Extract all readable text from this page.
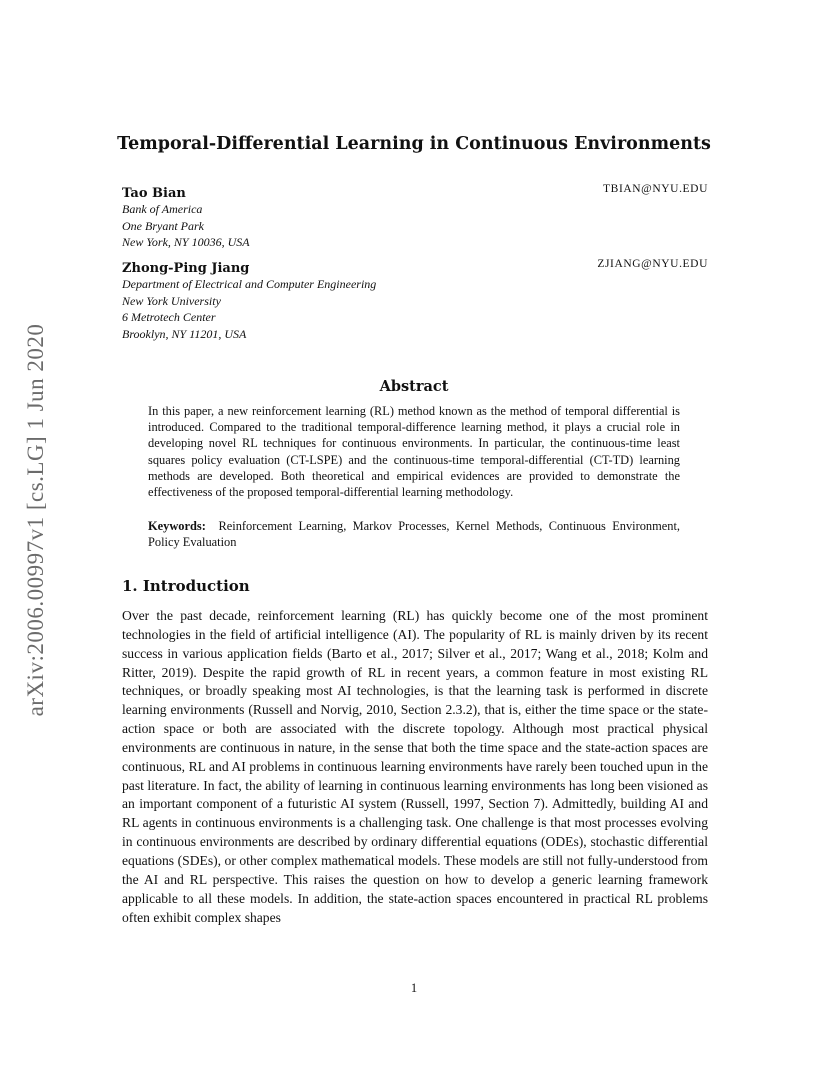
arXiv:2006.00997v1 [cs.LG] 1 Jun 2020
Temporal-Differential Learning in Continuous Environments
Tao Bian	TBIAN@NYU.EDU
Bank of America
One Bryant Park
New York, NY 10036, USA
Zhong-Ping Jiang	ZJIANG@NYU.EDU
Department of Electrical and Computer Engineering
New York University
6 Metrotech Center
Brooklyn, NY 11201, USA
Abstract
In this paper, a new reinforcement learning (RL) method known as the method of temporal differential is introduced. Compared to the traditional temporal-difference learning method, it plays a crucial role in developing novel RL techniques for continuous environments. In particular, the continuous-time least squares policy evaluation (CT-LSPE) and the continuous-time temporal-differential (CT-TD) learning methods are developed. Both theoretical and empirical evidences are provided to demonstrate the effectiveness of the proposed temporal-differential learning methodology.
Keywords: Reinforcement Learning, Markov Processes, Kernel Methods, Continuous Environment, Policy Evaluation
1. Introduction
Over the past decade, reinforcement learning (RL) has quickly become one of the most prominent technologies in the field of artificial intelligence (AI). The popularity of RL is mainly driven by its recent success in various application fields (Barto et al., 2017; Silver et al., 2017; Wang et al., 2018; Kolm and Ritter, 2019). Despite the rapid growth of RL in recent years, a common feature in most existing RL techniques, or broadly speaking most AI technologies, is that the learning task is performed in discrete learning environments (Russell and Norvig, 2010, Section 2.3.2), that is, either the time space or the state-action space or both are associated with the discrete topology. Although most practical physical environments are continuous in nature, in the sense that both the time space and the state-action spaces are continuous, RL and AI problems in continuous learning environments have rarely been touched upun in the past literature. In fact, the ability of learning in continuous learning environments has long been visioned as an important component of a futuristic AI system (Russell, 1997, Section 7). Admittedly, building AI and RL agents in continuous environments is a challenging task. One challenge is that most processes evolving in continuous environments are described by ordinary differential equations (ODEs), stochastic differential equations (SDEs), or other complex mathematical models. These models are still not fully-understood from the AI and RL perspective. This raises the question on how to develop a generic learning framework applicable to all these models. In addition, the state-action spaces encountered in practical RL problems often exhibit complex shapes
1
